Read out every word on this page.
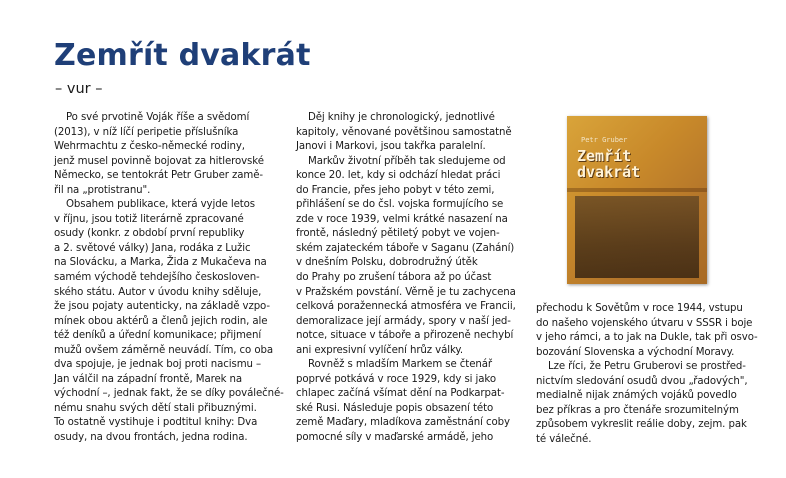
Zemřít dvakrát
– vur –
Po své prvotině Voják říše a svědomí
(2013), v níž líčí peripetie příslušníka
Wehrmachtu z česko-německé rodiny,
jenž musel povinně bojovat za hitlerovské
Německo, se tentokrát Petr Gruber zamě-
řil na „protistranu".
Obsahem publikace, která vyjde letos
v říjnu, jsou totiž literárně zpracované
osudy (konkr. z období první republiky
a 2. světové války) Jana, rodáka z Lužic
na Slovácku, a Marka, Žida z Mukačeva na
samém východě tehdejšího českosloven-
ského státu. Autor v úvodu knihy sděluje,
že jsou pojaty autenticky, na základě vzpo-
mínek obou aktérů a členů jejich rodin, ale
též deníků a úřední komunikace; přijmení
mužů ovšem záměrně neuvádí. Tím, co oba
dva spojuje, je jednak boj proti nacismu –
Jan válčil na západní frontě, Marek na
východní –, jednak fakt, že se díky poválečné-
nému snahu svých dětí stali přibuznými.
To ostatně vystihuje i podtitul knihy: Dva
osudy, na dvou frontách, jedna rodina.
Děj knihy je chronologický, jednotlivé
kapitoly, věnované povětšinou samostatně
Janovi i Markovi, jsou takřka paralelní.
Markův životní příběh tak sledujeme od
konce 20. let, kdy si odchází hledat práci
do Francie, přes jeho pobyt v této zemi,
přihlášení se do čsl. vojska formujícího se
zde v roce 1939, velmi krátké nasazení na
frontě, následný pětiletý pobyt ve vojen-
ském zajateckém táboře v Saganu (Zahání)
v dnešním Polsku, dobrodružný útěk
do Prahy po zrušení tábora až po účast
v Pražském povstání. Věrně je tu zachycena
celková poražennecká atmosféra ve Francii,
demoralizace její armády, spory v naší jed-
notce, situace v táboře a přirozeně nechybí
ani expresivní vylíčení hrůz války.
Rovněž s mladším Markem se čtenář
poprvé potkává v roce 1929, kdy si jako
chlapec začíná všímat dění na Podkarpat-
ské Rusi. Následuje popis obsazení této
země Maďary, mladíkova zaměstnání coby
pomocné síly v maďarské armádě, jeho
přechodu k Sovětům v roce 1944, vstupu
do našeho vojenského útvaru v SSSR i boje
v jeho rámci, a to jak na Dukle, tak při osvo-
bozování Slovenska a východní Moravy.
Lze říci, že Petru Gruberovi se prostřed-
nictvím sledování osudů dvou „řadových",
medialně nijak známých vojáků povedlo
bez příkras a pro čtenáře srozumitelným
způsobem vykreslit reálie doby, zejm. pak
té válečné.
Petr Gruber
Zemřít
dvakrát
